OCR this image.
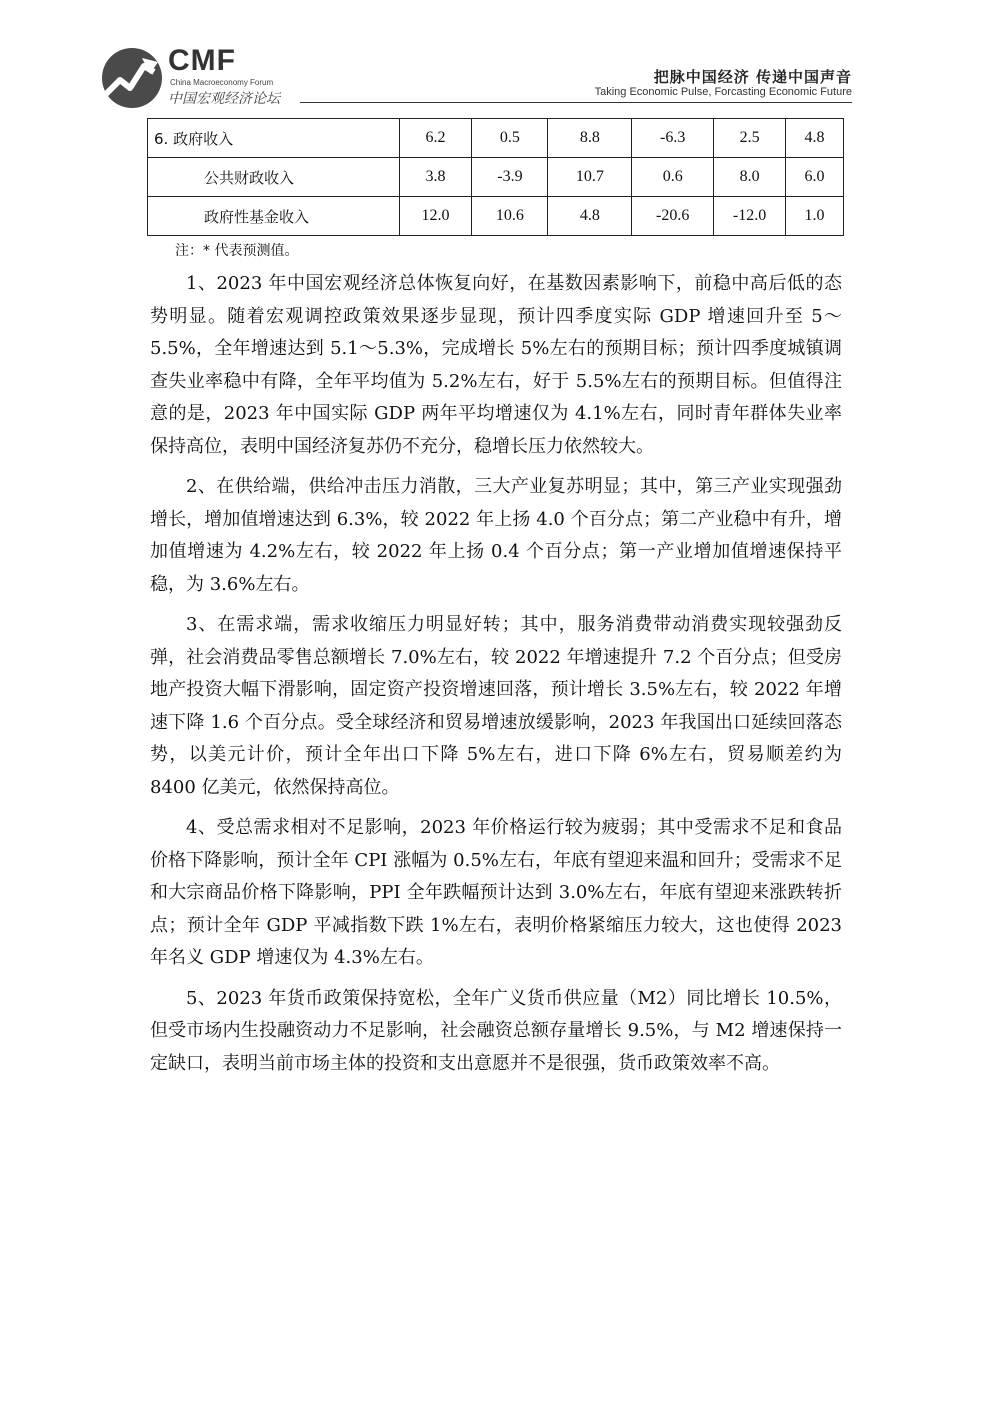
CMF
China Macroeconomy Forum
中国宏观经济论坛
把脉中国经济 传递中国声音
Taking Economic Pulse, Forcasting Economic Future
6. 政府收入	6.2	0.5	8.8	-6.3	2.5	4.8
公共财政收入	3.8	-3.9	10.7	0.6	8.0	6.0
政府性基金收入	12.0	10.6	4.8	-20.6	-12.0	1.0
注：* 代表预测值。

1、2023 年中国宏观经济总体恢复向好，在基数因素影响下，前稳中高后低的态势明显。随着宏观调控政策效果逐步显现，预计四季度实际 GDP 增速回升至 5～5.5%，全年增速达到 5.1～5.3%，完成增长 5%左右的预期目标；预计四季度城镇调查失业率稳中有降，全年平均值为 5.2%左右，好于 5.5%左右的预期目标。但值得注意的是，2023 年中国实际 GDP 两年平均增速仅为 4.1%左右，同时青年群体失业率保持高位，表明中国经济复苏仍不充分，稳增长压力依然较大。

2、在供给端，供给冲击压力消散，三大产业复苏明显；其中，第三产业实现强劲增长，增加值增速达到 6.3%，较 2022 年上扬 4.0 个百分点；第二产业稳中有升，增加值增速为 4.2%左右，较 2022 年上扬 0.4 个百分点；第一产业增加值增速保持平稳，为 3.6%左右。

3、在需求端，需求收缩压力明显好转；其中，服务消费带动消费实现较强劲反弹，社会消费品零售总额增长 7.0%左右，较 2022 年增速提升 7.2 个百分点；但受房地产投资大幅下滑影响，固定资产投资增速回落，预计增长 3.5%左右，较 2022 年增速下降 1.6 个百分点。受全球经济和贸易增速放缓影响，2023 年我国出口延续回落态势，以美元计价，预计全年出口下降 5%左右，进口下降 6%左右，贸易顺差约为 8400 亿美元，依然保持高位。

4、受总需求相对不足影响，2023 年价格运行较为疲弱；其中受需求不足和食品价格下降影响，预计全年 CPI 涨幅为 0.5%左右，年底有望迎来温和回升；受需求不足和大宗商品价格下降影响，PPI 全年跌幅预计达到 3.0%左右，年底有望迎来涨跌转折点；预计全年 GDP 平减指数下跌 1%左右，表明价格紧缩压力较大，这也使得 2023 年名义 GDP 增速仅为 4.3%左右。

5、2023 年货币政策保持宽松，全年广义货币供应量（M2）同比增长 10.5%，但受市场内生投融资动力不足影响，社会融资总额存量增长 9.5%，与 M2 增速保持一定缺口，表明当前市场主体的投资和支出意愿并不是很强，货币政策效率不高。
